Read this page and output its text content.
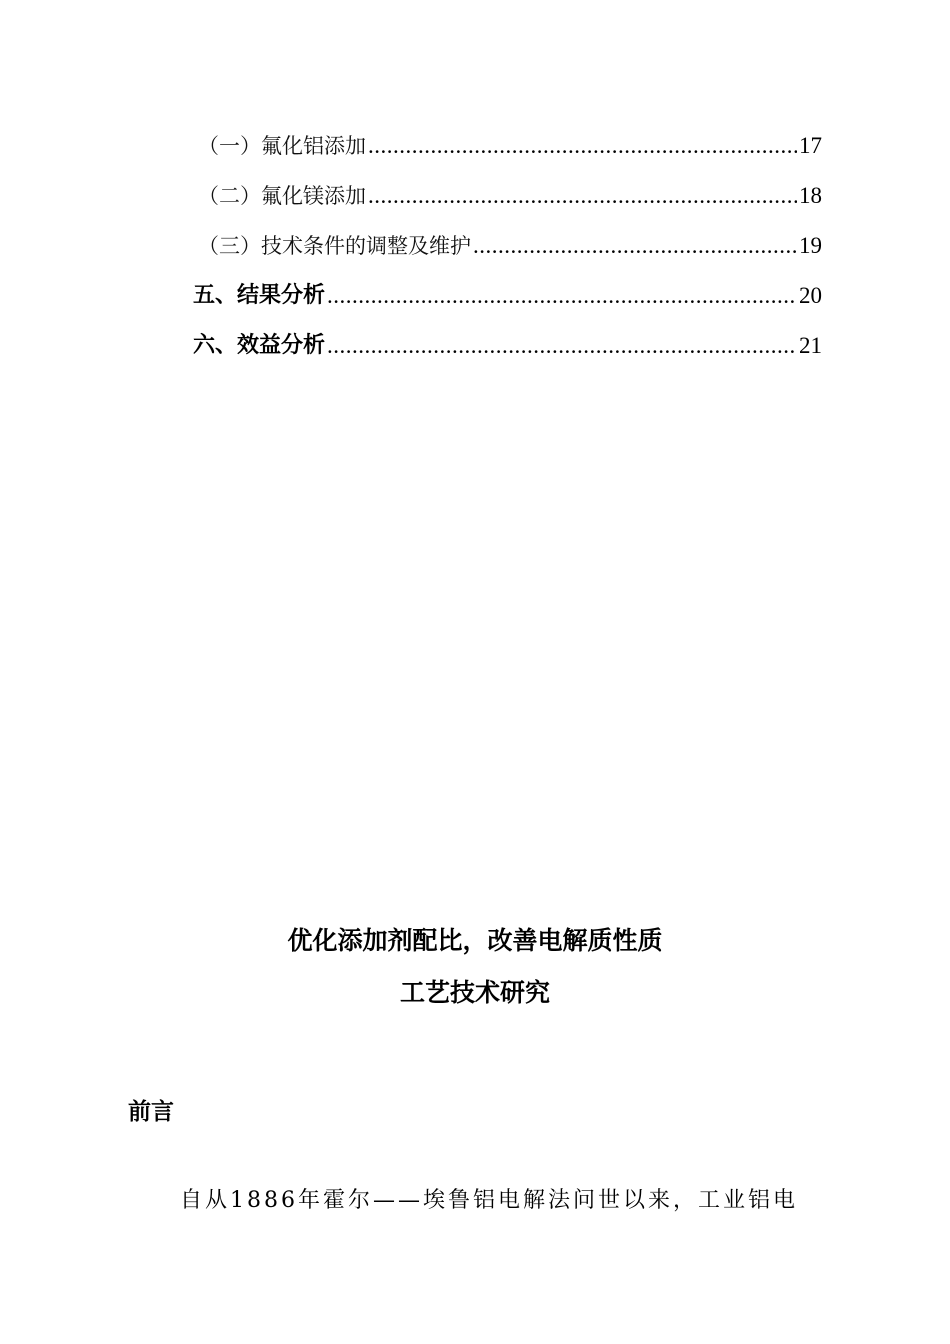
（一）氟化铝添加 .....	17
（二）氟化镁添加 .....	18
（三）技术条件的调整及维护 .....	19
五、结果分析 .....	20
六、效益分析 .....	21
优化添加剂配比，改善电解质性质
工艺技术研究
前言
自从1886年霍尔——埃鲁铝电解法问世以来，工业铝电
